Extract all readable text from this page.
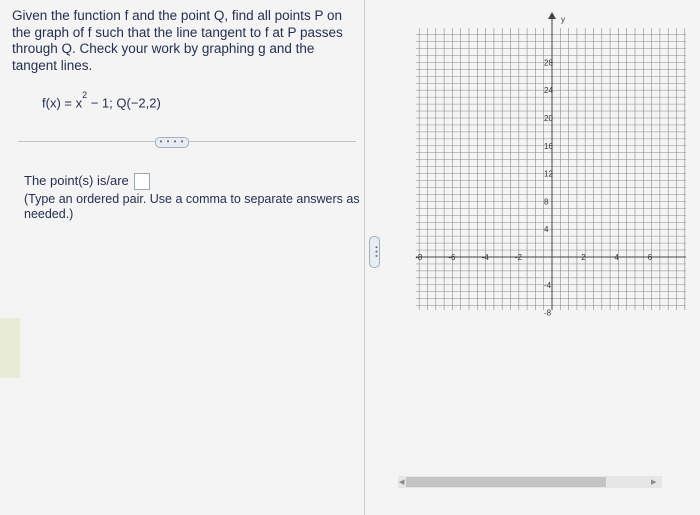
Given the function f and the point Q, find all points P on the graph of f such that the line tangent to f at P passes through Q. Check your work by graphing g and the tangent lines.
$f(x) = x^2 - 1$; Q(−2,2)
• • • •
The point(s) is/are
(Type an ordered pair. Use a comma to separate answers as needed.)
• • •
28
24
20
16
12
8
4
-4
-8
-8	-6	-4	-2	2	4	6
y
◀	▶
